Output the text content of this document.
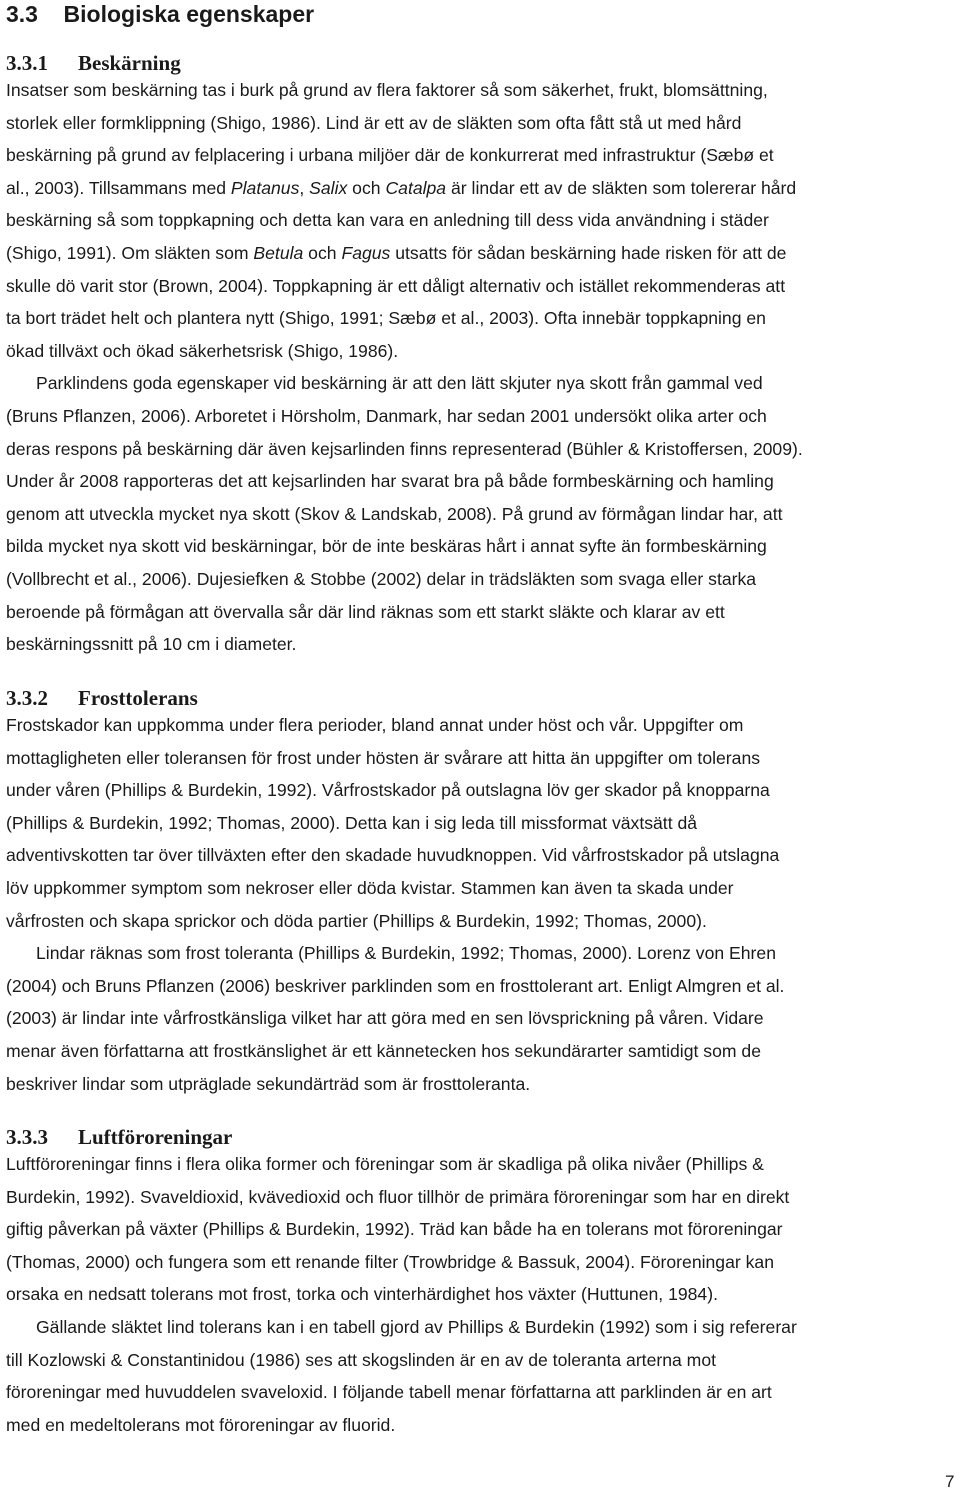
3.3 Biologiska egenskaper
3.3.1 Beskärning
Insatser som beskärning tas i burk på grund av flera faktorer så som säkerhet, frukt, blomsättning,
storlek eller formklippning (Shigo, 1986). Lind är ett av de släkten som ofta fått stå ut med hård
beskärning på grund av felplacering i urbana miljöer där de konkurrerat med infrastruktur (Sæbø et
al., 2003). Tillsammans med Platanus, Salix och Catalpa är lindar ett av de släkten som tolererar hård
beskärning så som toppkapning och detta kan vara en anledning till dess vida användning i städer
(Shigo, 1991). Om släkten som Betula och Fagus utsatts för sådan beskärning hade risken för att de
skulle dö varit stor (Brown, 2004). Toppkapning är ett dåligt alternativ och istället rekommenderas att
ta bort trädet helt och plantera nytt (Shigo, 1991; Sæbø et al., 2003). Ofta innebär toppkapning en
ökad tillväxt och ökad säkerhetsrisk (Shigo, 1986).
Parklindens goda egenskaper vid beskärning är att den lätt skjuter nya skott från gammal ved
(Bruns Pflanzen, 2006). Arboretet i Hörsholm, Danmark, har sedan 2001 undersökt olika arter och
deras respons på beskärning där även kejsarlinden finns representerad (Bühler & Kristoffersen, 2009).
Under år 2008 rapporteras det att kejsarlinden har svarat bra på både formbeskärning och hamling
genom att utveckla mycket nya skott (Skov & Landskab, 2008). På grund av förmågan lindar har, att
bilda mycket nya skott vid beskärningar, bör de inte beskäras hårt i annat syfte än formbeskärning
(Vollbrecht et al., 2006). Dujesiefken & Stobbe (2002) delar in trädsläkten som svaga eller starka
beroende på förmågan att övervalla sår där lind räknas som ett starkt släkte och klarar av ett
beskärningssnitt på 10 cm i diameter.
3.3.2 Frosttolerans
Frostskador kan uppkomma under flera perioder, bland annat under höst och vår. Uppgifter om
mottagligheten eller toleransen för frost under hösten är svårare att hitta än uppgifter om tolerans
under våren (Phillips & Burdekin, 1992). Vårfrostskador på outslagna löv ger skador på knopparna
(Phillips & Burdekin, 1992; Thomas, 2000). Detta kan i sig leda till missformat växtsätt då
adventivskotten tar över tillväxten efter den skadade huvudknoppen. Vid vårfrostskador på utslagna
löv uppkommer symptom som nekroser eller döda kvistar. Stammen kan även ta skada under
vårfrosten och skapa sprickor och döda partier (Phillips & Burdekin, 1992; Thomas, 2000).
Lindar räknas som frost toleranta (Phillips & Burdekin, 1992; Thomas, 2000). Lorenz von Ehren
(2004) och Bruns Pflanzen (2006) beskriver parklinden som en frosttolerant art. Enligt Almgren et al.
(2003) är lindar inte vårfrostkänsliga vilket har att göra med en sen lövsprickning på våren. Vidare
menar även författarna att frostkänslighet är ett kännetecken hos sekundärarter samtidigt som de
beskriver lindar som utpräglade sekundärträd som är frosttoleranta.
3.3.3 Luftföroreningar
Luftföroreningar finns i flera olika former och föreningar som är skadliga på olika nivåer (Phillips &
Burdekin, 1992). Svaveldioxid, kvävedioxid och fluor tillhör de primära föroreningar som har en direkt
giftig påverkan på växter (Phillips & Burdekin, 1992). Träd kan både ha en tolerans mot föroreningar
(Thomas, 2000) och fungera som ett renande filter (Trowbridge & Bassuk, 2004). Föroreningar kan
orsaka en nedsatt tolerans mot frost, torka och vinterhärdighet hos växter (Huttunen, 1984).
Gällande släktet lind tolerans kan i en tabell gjord av Phillips & Burdekin (1992) som i sig refererar
till Kozlowski & Constantinidou (1986) ses att skogslinden är en av de toleranta arterna mot
föroreningar med huvuddelen svaveloxid. I följande tabell menar författarna att parklinden är en art
med en medeltolerans mot föroreningar av fluorid.
7
